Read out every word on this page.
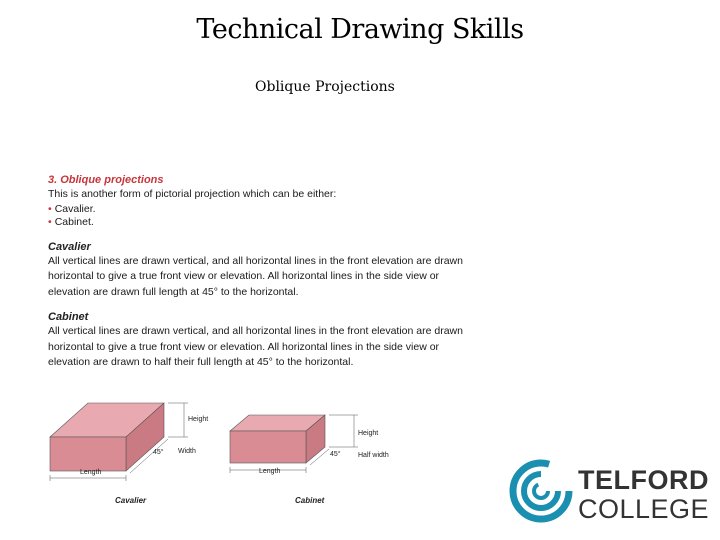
Technical Drawing Skills
Oblique Projections
3. Oblique projections

This is another form of pictorial projection which can be either:

• Cavalier.
• Cabinet.
Cavalier

All vertical lines are drawn vertical, and all horizontal lines in the front elevation are drawn

horizontal to give a true front view or elevation. All horizontal lines in the side view or

elevation are drawn full length at 45° to the horizontal.

Cabinet

All vertical lines are drawn vertical, and all horizontal lines in the front elevation are drawn

horizontal to give a true front view or elevation. All horizontal lines in the side view or

elevation are drawn to half their full length at 45° to the horizontal.

Height
Width
45°
Length
Cavalier
Height
Half width
45°
Length
Cabinet
TELFORD
COLLEGE
